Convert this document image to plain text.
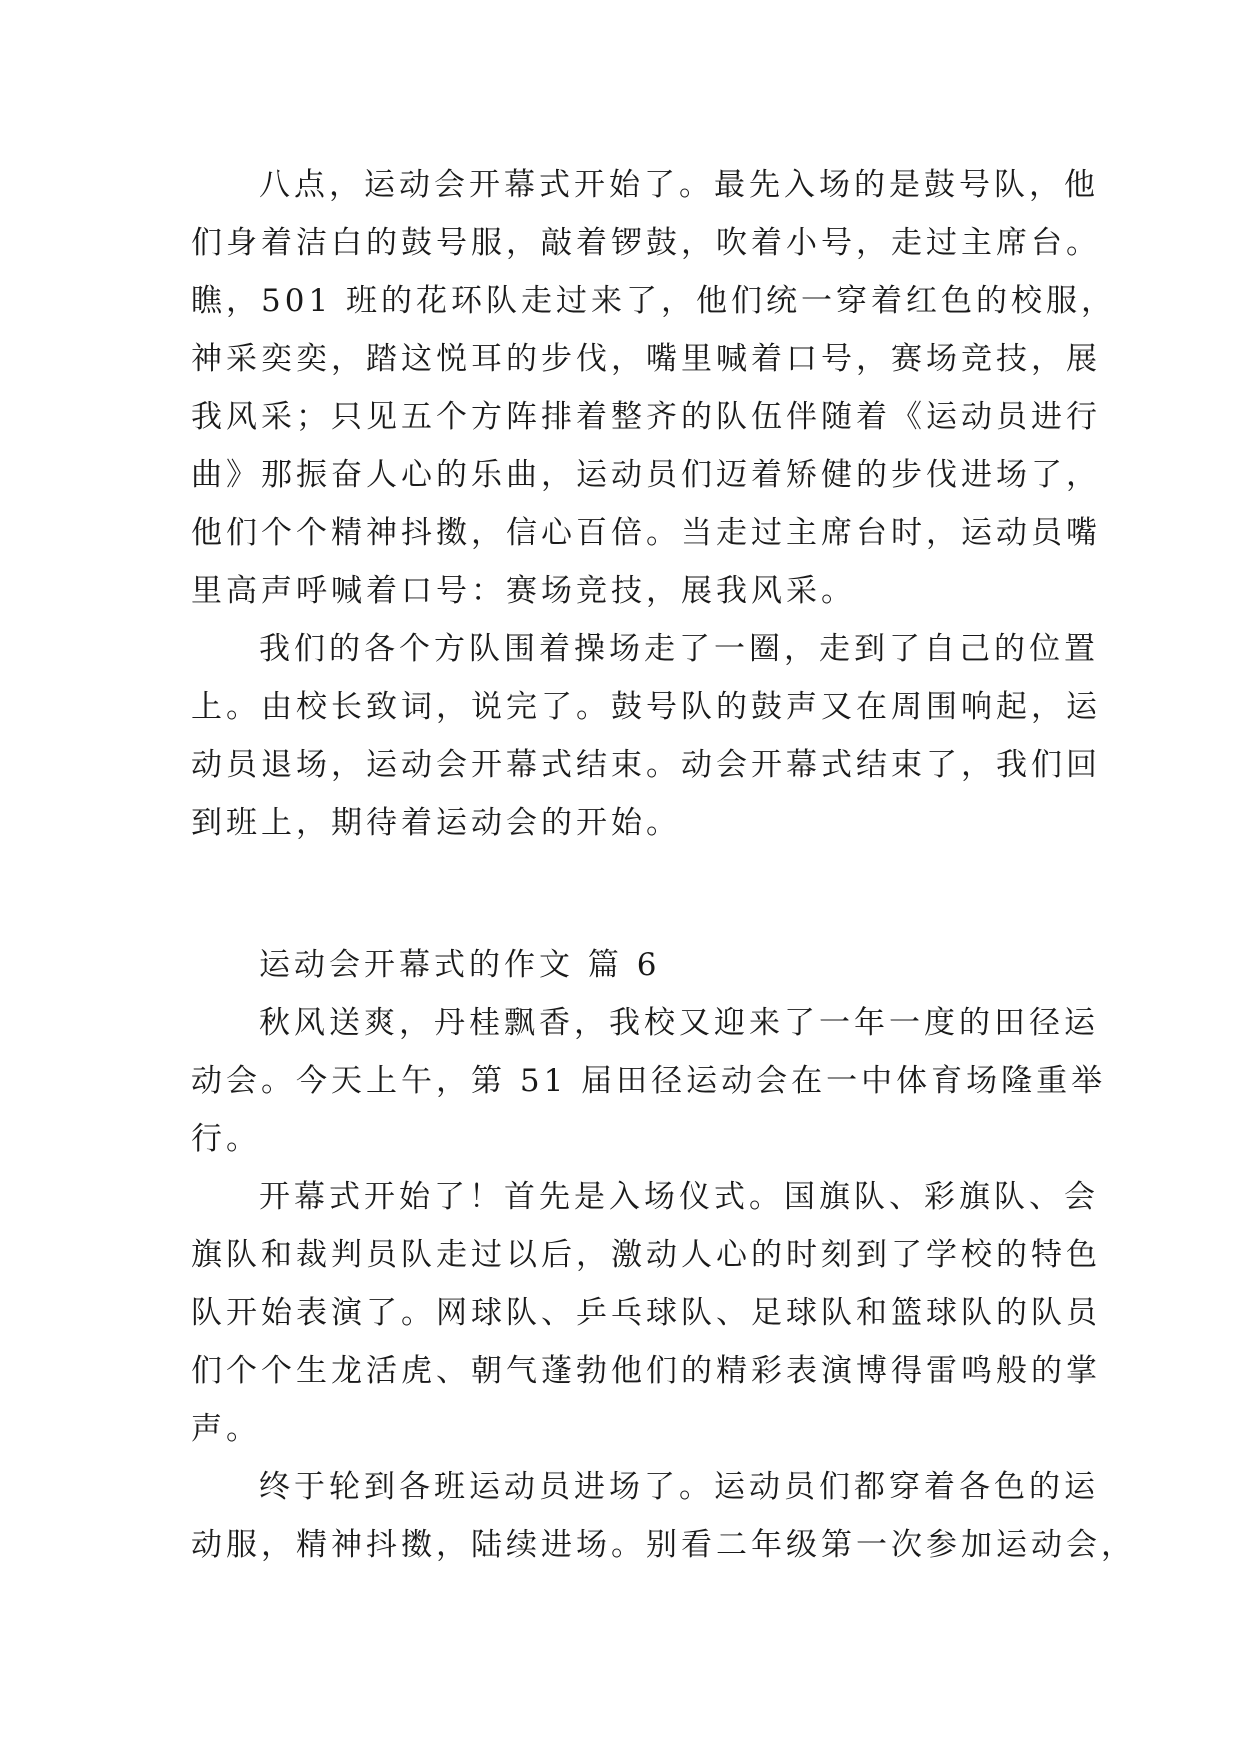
八点，运动会开幕式开始了。最先入场的是鼓号队，他
们身着洁白的鼓号服，敲着锣鼓，吹着小号，走过主席台。
瞧，501 班的花环队走过来了，他们统一穿着红色的校服，
神采奕奕，踏这悦耳的步伐，嘴里喊着口号，赛场竞技，展
我风采；只见五个方阵排着整齐的队伍伴随着《运动员进行
曲》那振奋人心的乐曲，运动员们迈着矫健的步伐进场了，
他们个个精神抖擞，信心百倍。当走过主席台时，运动员嘴
里高声呼喊着口号：赛场竞技，展我风采。
我们的各个方队围着操场走了一圈，走到了自己的位置
上。由校长致词，说完了。鼓号队的鼓声又在周围响起，运
动员退场，运动会开幕式结束。动会开幕式结束了，我们回
到班上，期待着运动会的开始。
运动会开幕式的作文 篇 6
秋风送爽，丹桂飘香，我校又迎来了一年一度的田径运
动会。今天上午，第 51 届田径运动会在一中体育场隆重举
行。
开幕式开始了！首先是入场仪式。国旗队、彩旗队、会
旗队和裁判员队走过以后，激动人心的时刻到了学校的特色
队开始表演了。网球队、乒乓球队、足球队和篮球队的队员
们个个生龙活虎、朝气蓬勃他们的精彩表演博得雷鸣般的掌
声。
终于轮到各班运动员进场了。运动员们都穿着各色的运
动服，精神抖擞，陆续进场。别看二年级第一次参加运动会，
